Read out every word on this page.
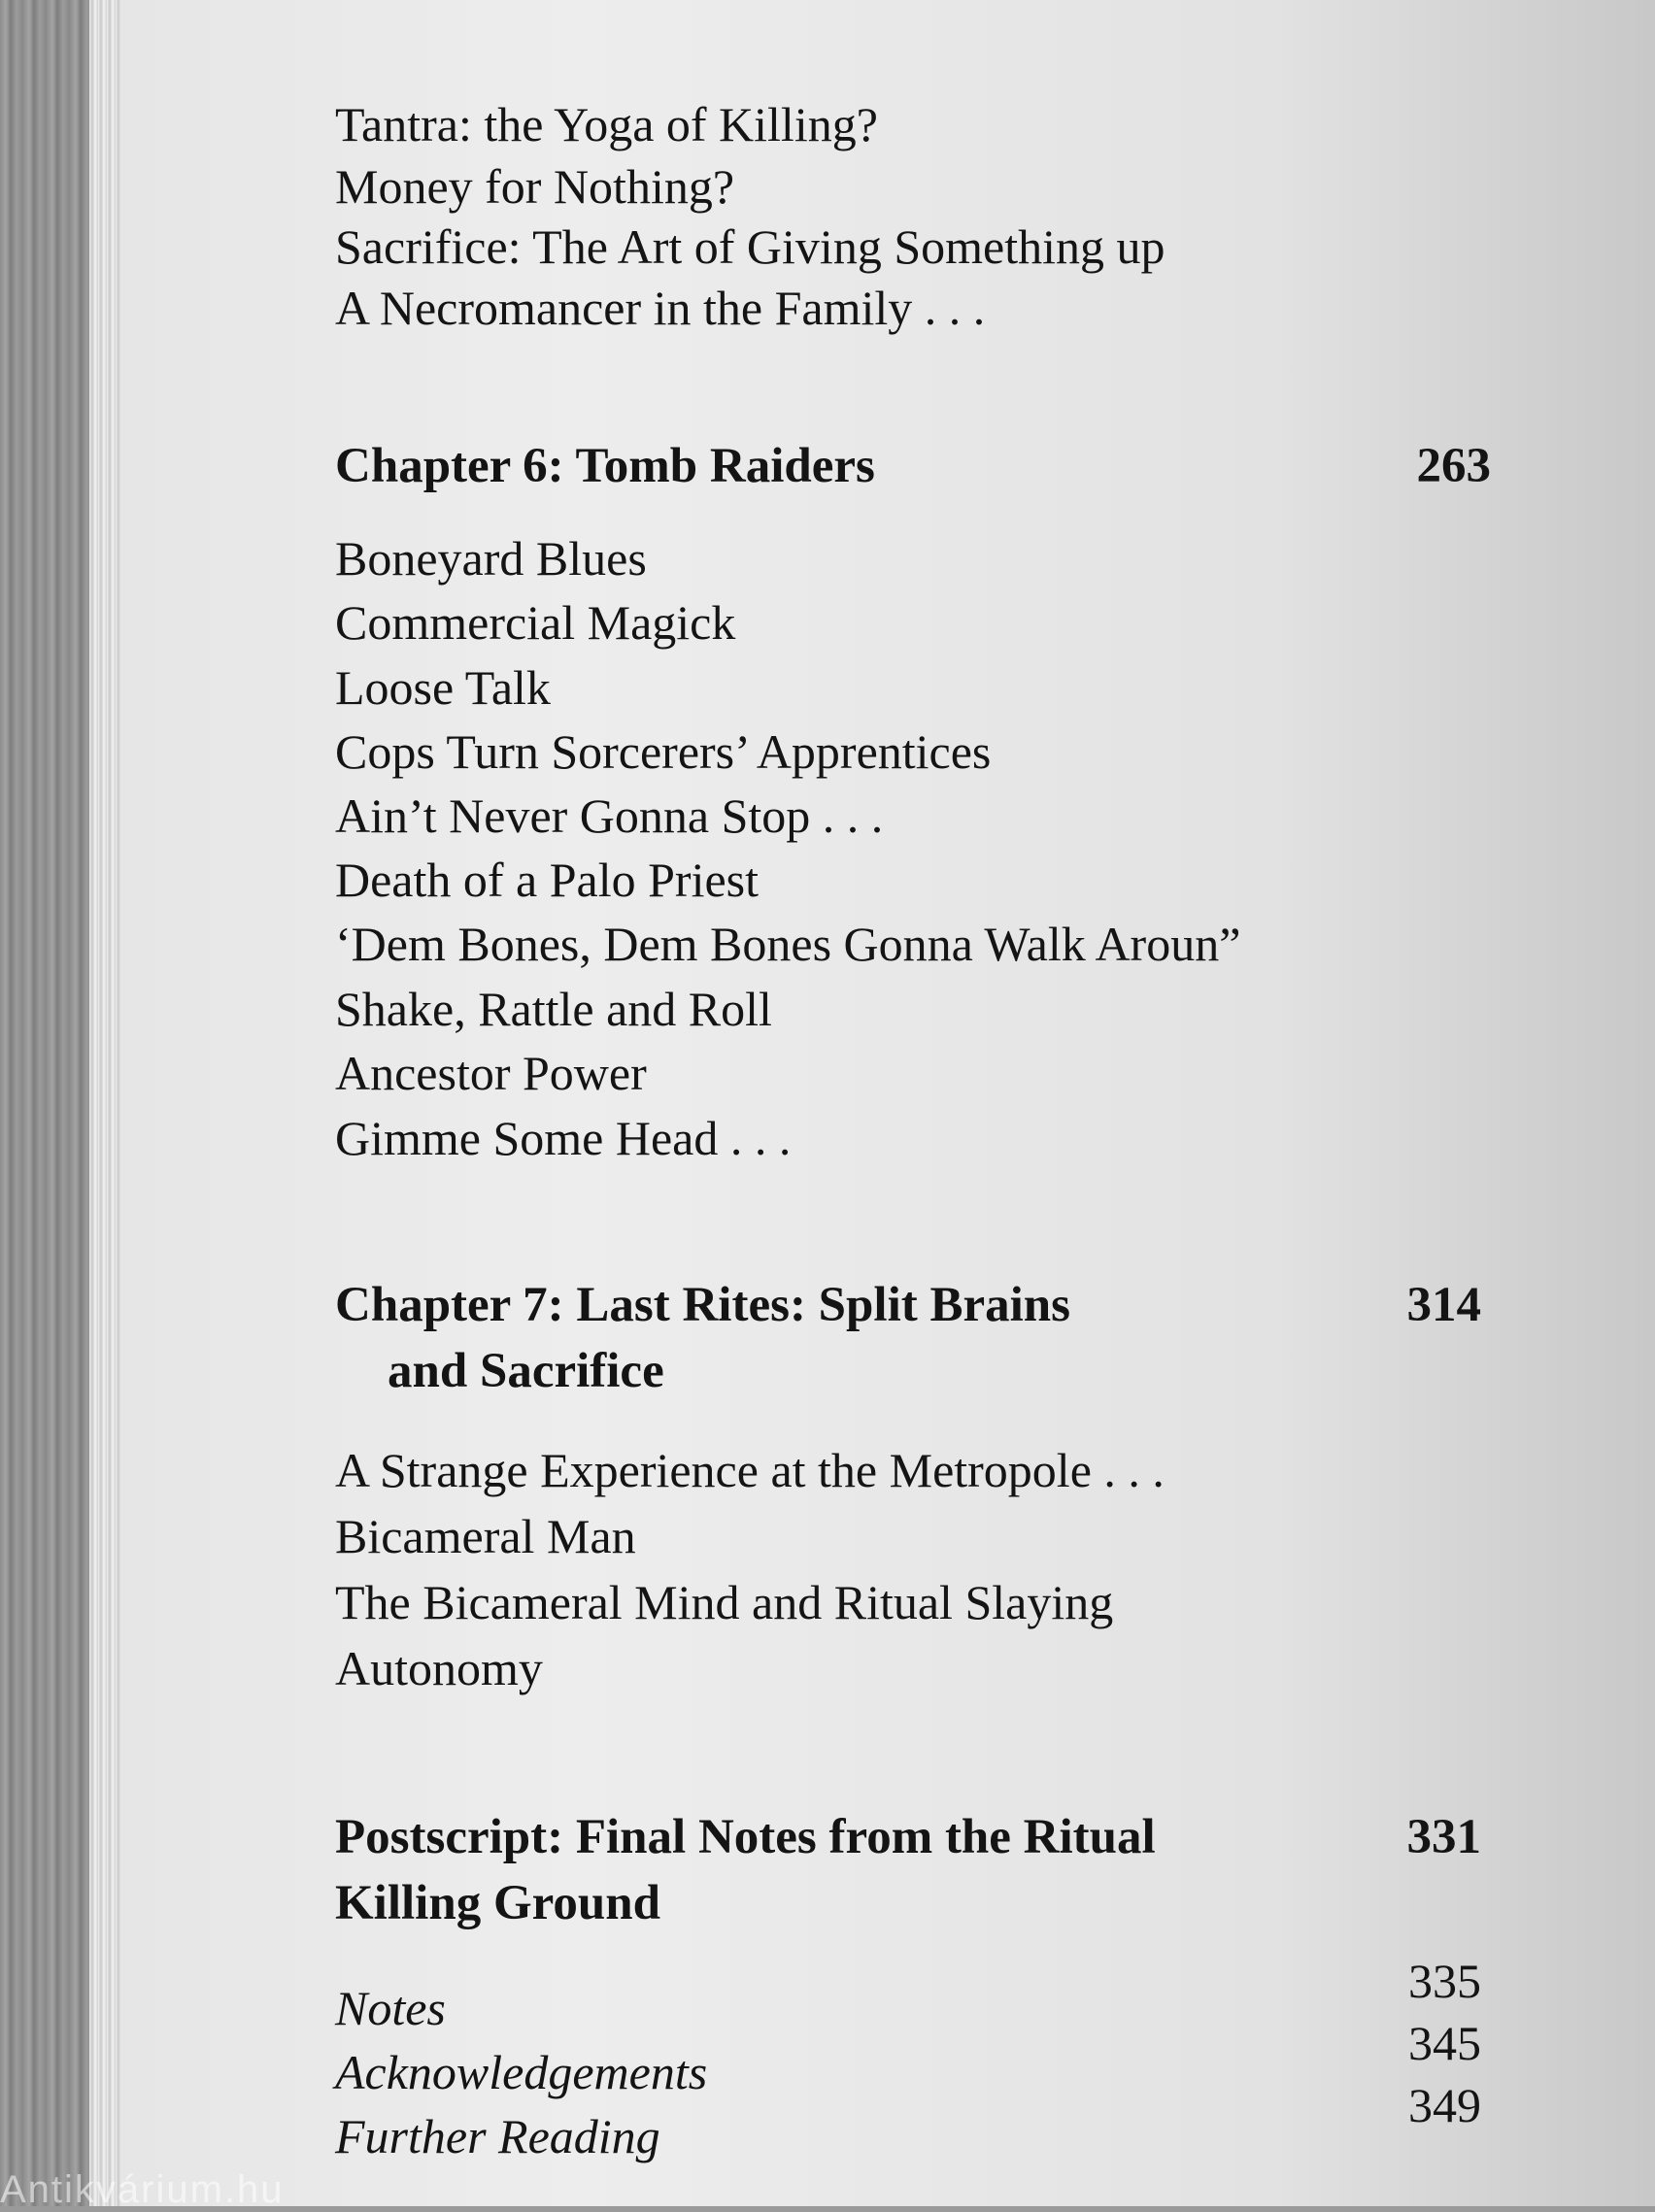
Tantra: the Yoga of Killing?
Money for Nothing?
Sacrifice: The Art of Giving Something up
A Necromancer in the Family . . .
Chapter 6: Tomb Raiders	263
Boneyard Blues
Commercial Magick
Loose Talk
Cops Turn Sorcerers’ Apprentices
Ain’t Never Gonna Stop . . .
Death of a Palo Priest
‘Dem Bones, Dem Bones Gonna Walk Aroun”
Shake, Rattle and Roll
Ancestor Power
Gimme Some Head . . .
Chapter 7: Last Rites: Split Brains
and Sacrifice
314
A Strange Experience at the Metropole . . .
Bicameral Man
The Bicameral Mind and Ritual Slaying
Autonomy
Postscript: Final Notes from the Ritual
Killing Ground
331
Notes
Acknowledgements
Further Reading
335
345
349
Antikvárium.hu
